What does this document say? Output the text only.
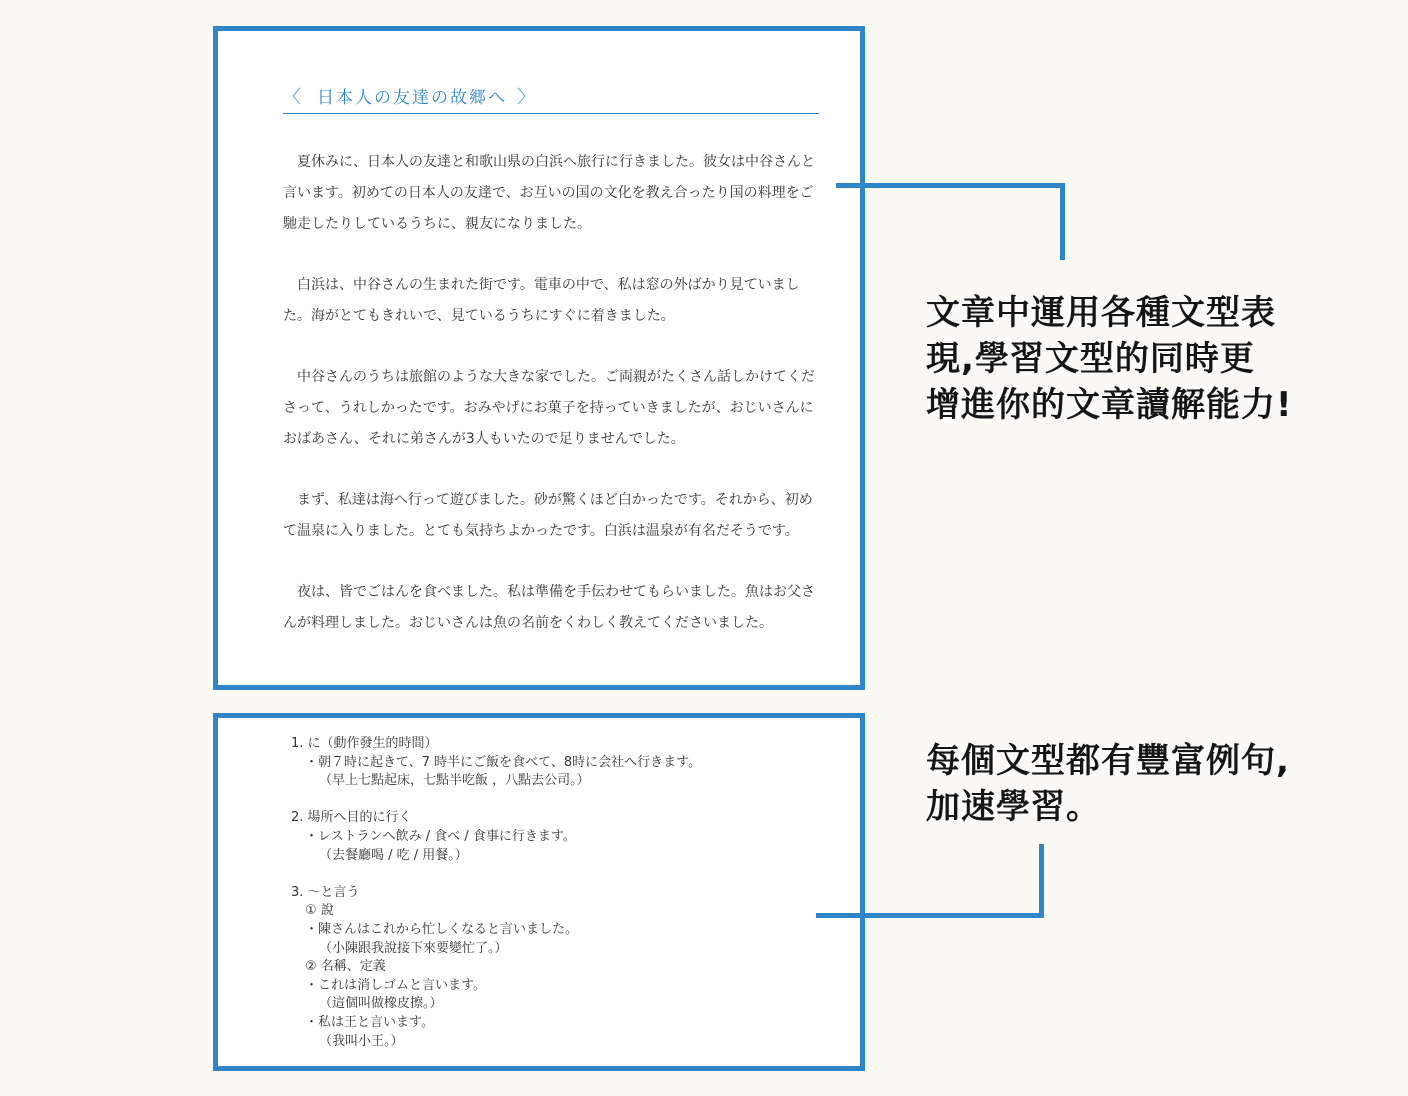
〈 日本人の友達の故郷へ 〉

夏休みに、日本人の友達と和歌山県の白浜へ旅行に行きました。彼女は中谷さんと言います。初めての日本人の友達で、お互いの国の文化を教え合ったり国の料理をご馳走したりしているうちに、親友になりました。

白浜は、中谷さんの生まれた街です。電車の中で、私は窓の外ばかり見ていました。海がとてもきれいで、見ているうちにすぐに着きました。

中谷さんのうちは旅館のような大きな家でした。ご両親がたくさん話しかけてくださって、うれしかったです。おみやげにお菓子を持っていきましたが、おじいさんにおばあさん、それに弟さんが3人もいたので足りませんでした。

まず、私達は海へ行って遊びました。砂が驚くほど白かったです。それから、初めて温泉に入りました。とても気持ちよかったです。白浜は温泉が有名だそうです。

夜は、皆でごはんを食べました。私は準備を手伝わせてもらいました。魚はお父さんが料理しました。おじいさんは魚の名前をくわしく教えてくださいました。

1. に（動作發生的時間）
・朝７時に起きて、7 時半にご飯を食べて、8時に会社へ行きます。
（早上七點起床，七點半吃飯 ，八點去公司。）
2. 場所へ目的に行く
・レストランへ飲み / 食べ / 食事に行きます。
（去餐廳喝 / 吃 / 用餐。）
3. ～と言う
① 說
・陳さんはこれから忙しくなると言いました。
（小陳跟我說接下來要變忙了。）
② 名稱、定義
・これは消しゴムと言います。
（這個叫做橡皮擦。）
・私は王と言います。
（我叫小王。）
文章中運用各種文型表
現,學習文型的同時更
增進你的文章讀解能力!
每個文型都有豐富例句,
加速學習。
